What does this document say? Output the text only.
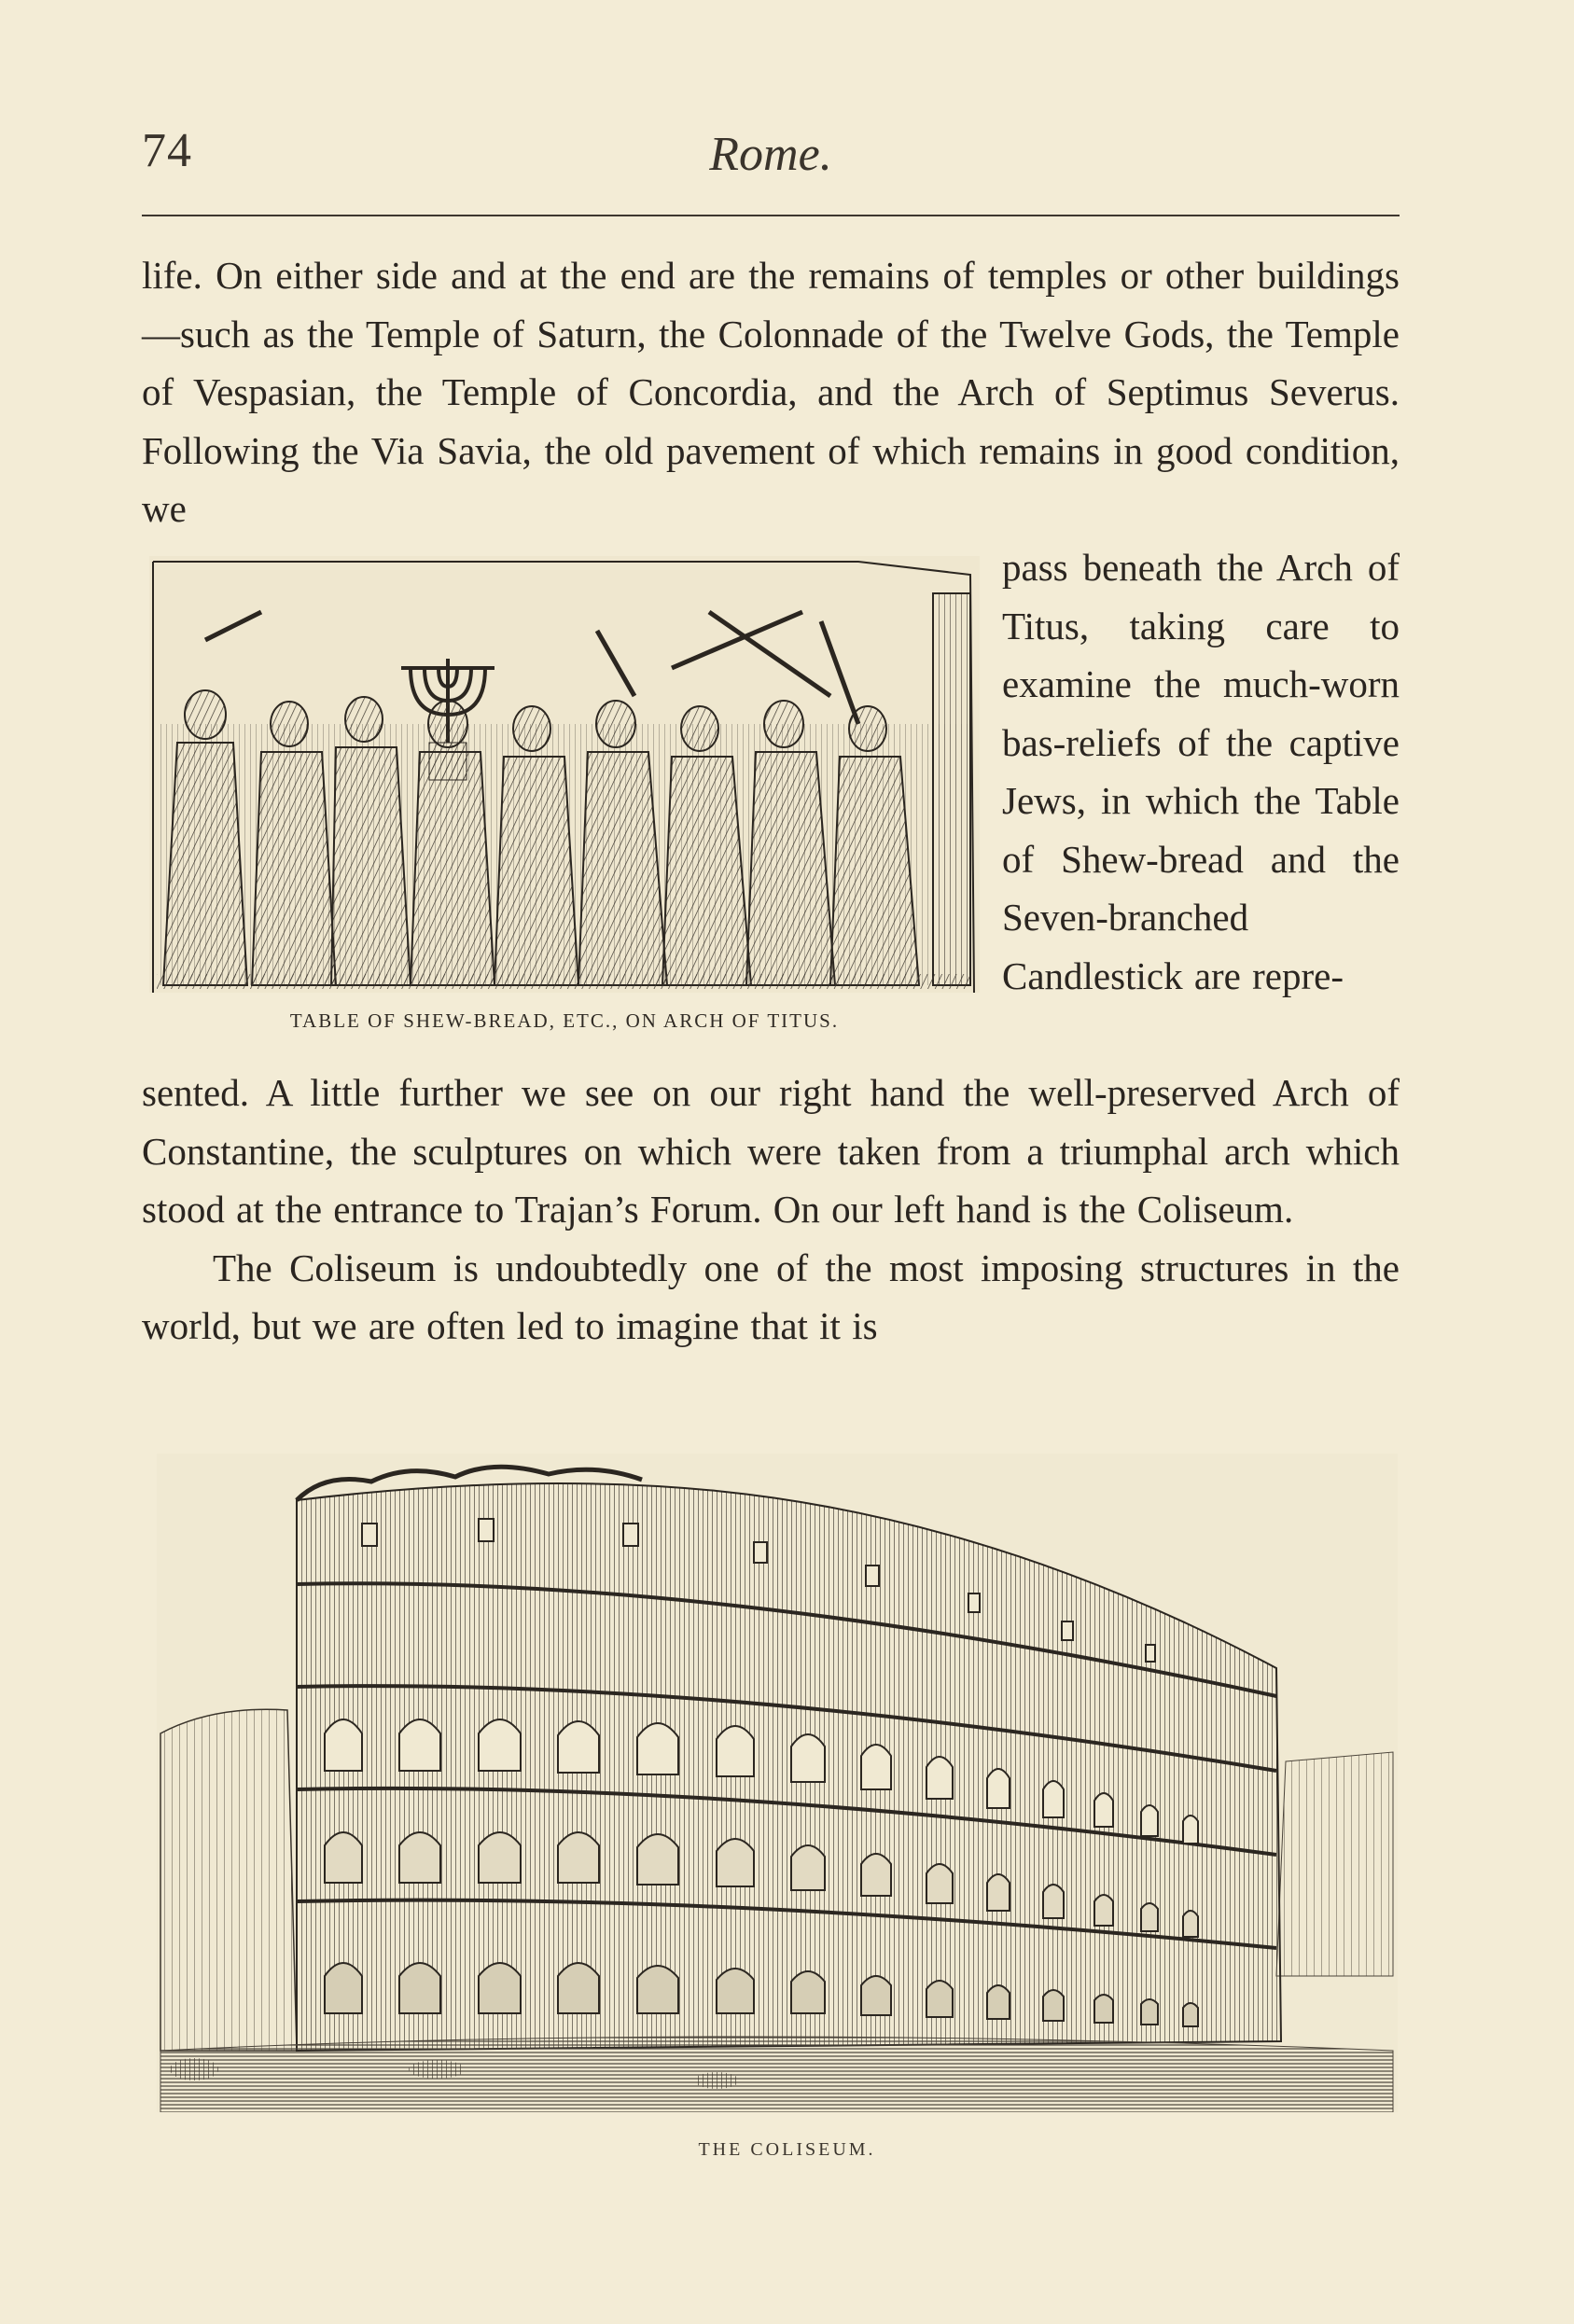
74	Rome.

life. On either side and at the end are the remains of temples or other buildings—such as the Temple of Saturn, the Colonnade of the Twelve Gods, the Temple of Vespasian, the Temple of Concordia, and the Arch of Septimus Severus. Following the Via Savia, the old pavement of which remains in good condition, we

TABLE OF SHEW-BREAD, ETC., ON ARCH OF TITUS.

pass beneath the Arch of Titus, taking care to examine the much-worn bas-reliefs of the captive Jews, in which the Table of Shew-bread and the Seven-branched Candlestick are repre-

sented. A little further we see on our right hand the well-preserved Arch of Constantine, the sculptures on which were taken from a triumphal arch which stood at the entrance to Trajan’s Forum. On our left hand is the Coliseum.

The Coliseum is undoubtedly one of the most imposing structures in the world, but we are often led to imagine that it is

THE COLISEUM.
